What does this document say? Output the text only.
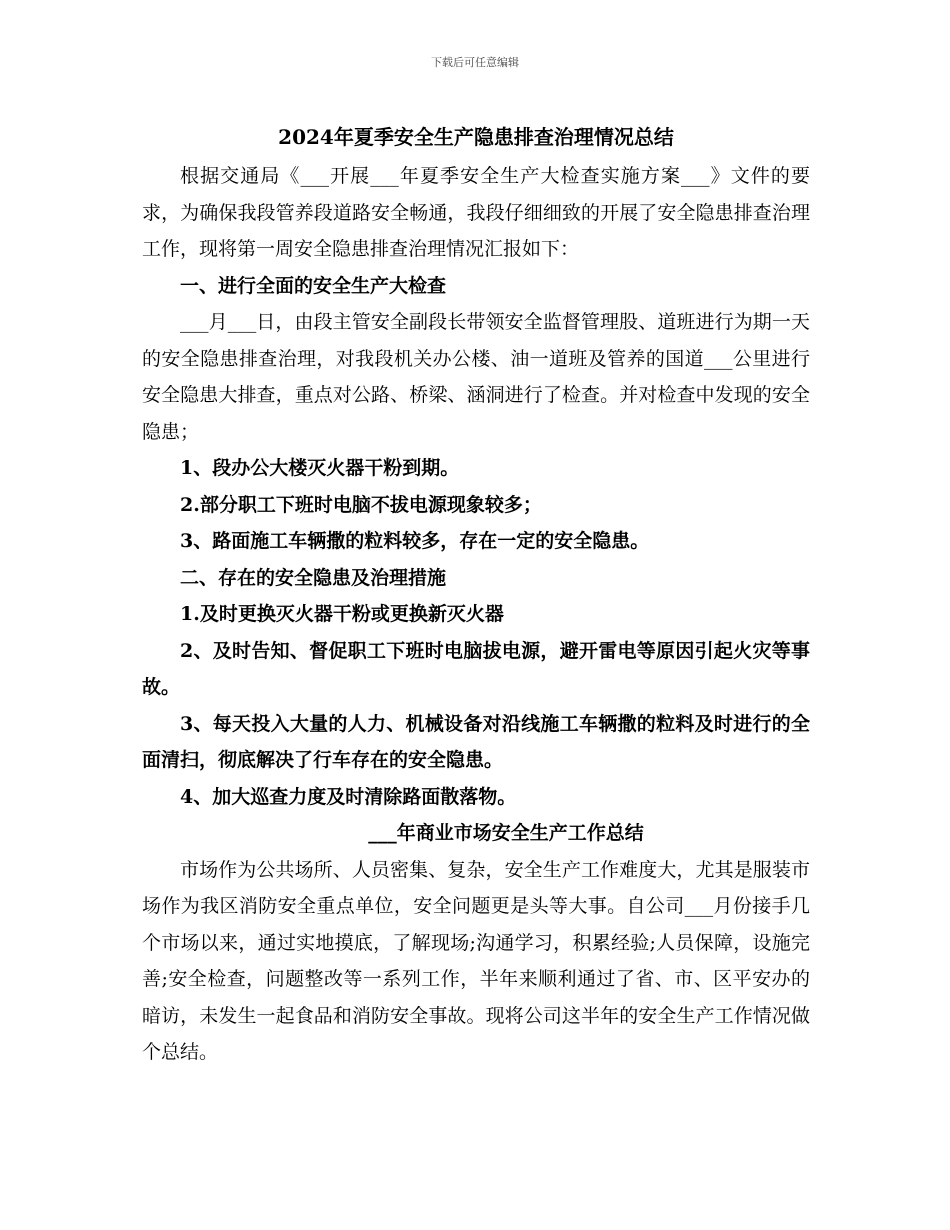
下载后可任意编辑
2024年夏季安全生产隐患排查治理情况总结

根据交通局《___开展___年夏季安全生产大检查实施方案___》文件的要求，为确保我段管养段道路安全畅通，我段仔细细致的开展了安全隐患排查治理工作，现将第一周安全隐患排查治理情况汇报如下：

一、进行全面的安全生产大检查

___月___日，由段主管安全副段长带领安全监督管理股、道班进行为期一天的安全隐患排查治理，对我段机关办公楼、油一道班及管养的国道___公里进行安全隐患大排查，重点对公路、桥梁、涵洞进行了检查。并对检查中发现的安全隐患；

1、段办公大楼灭火器干粉到期。

2.部分职工下班时电脑不拔电源现象较多；

3、路面施工车辆撒的粒料较多，存在一定的安全隐患。

二、存在的安全隐患及治理措施

1.及时更换灭火器干粉或更换新灭火器

2、及时告知、督促职工下班时电脑拔电源，避开雷电等原因引起火灾等事故。

3、每天投入大量的人力、机械设备对沿线施工车辆撒的粒料及时进行的全面清扫，彻底解决了行车存在的安全隐患。

4、加大巡查力度及时清除路面散落物。

___年商业市场安全生产工作总结

市场作为公共场所、人员密集、复杂，安全生产工作难度大，尤其是服装市场作为我区消防安全重点单位，安全问题更是头等大事。自公司___月份接手几个市场以来，通过实地摸底，了解现场;沟通学习，积累经验;人员保障，设施完善;安全检查，问题整改等一系列工作，半年来顺利通过了省、市、区平安办的暗访，未发生一起食品和消防安全事故。现将公司这半年的安全生产工作情况做个总结。
